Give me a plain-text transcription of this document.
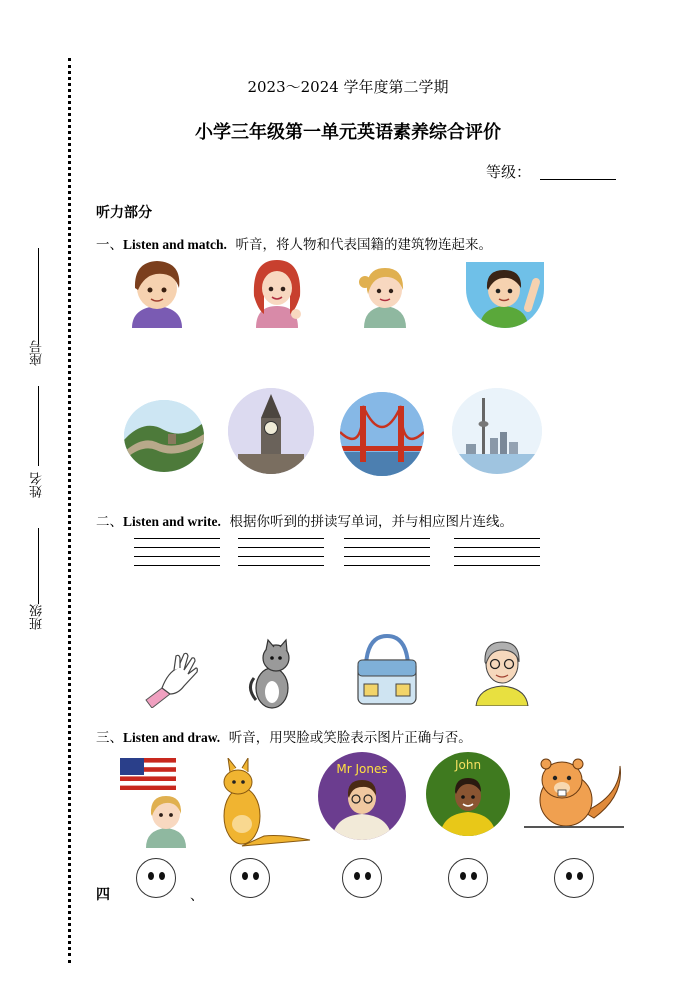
座号
姓名
班级
2023～2024 学年度第二学期
小学三年级第一单元英语素养综合评价
等级：
听力部分
一、Listen and match. 听音，将人物和代表国籍的建筑物连起来。
二、Listen and write. 根据你听到的拼读写单词，并与相应图片连线。
三、Listen and draw. 听音，用哭脸或笑脸表示图片正确与否。
Mr Jones	John
四	、
